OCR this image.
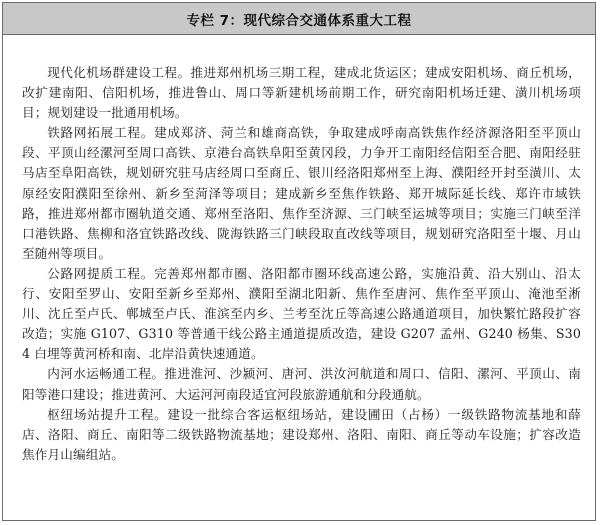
专栏 7：现代综合交通体系重大工程

现代化机场群建设工程。推进郑州机场三期工程，建成北货运区；建成安阳机场、商丘机场，改扩建南阳、信阳机场，推进鲁山、周口等新建机场前期工作，研究南阳机场迁建、潢川机场项目；规划建设一批通用机场。

铁路网拓展工程。建成郑济、菏兰和雄商高铁，争取建成呼南高铁焦作经济源洛阳至平顶山段、平顶山经漯河至周口高铁、京港台高铁阜阳至黄冈段，力争开工南阳经信阳至合肥、南阳经驻马店至阜阳高铁，规划研究驻马店经周口至商丘、银川经洛阳郑州至上海、濮阳经开封至潢川、太原经安阳濮阳至徐州、新乡至菏泽等项目；建成新乡至焦作铁路、郑开城际延长线、郑许市域铁路，推进郑州都市圈轨道交通、郑州至洛阳、焦作至济源、三门峡至运城等项目；实施三门峡至洋口港铁路、焦柳和洛宜铁路改线、陇海铁路三门峡段取直改线等项目，规划研究洛阳至十堰、月山至随州等项目。

公路网提质工程。完善郑州都市圈、洛阳都市圈环线高速公路，实施沿黄、沿大别山、沿太行、安阳至罗山、安阳至新乡至郑州、濮阳至湖北阳新、焦作至唐河、焦作至平顶山、淹池至淅川、沈丘至卢氏、郸城至卢氏、淮滨至内乡、兰考至沈丘等高速公路通道项目，加快繁忙路段扩容改造；实施 G107、G310 等普通干线公路主通道提质改造，建设 G207 孟州、G240 杨集、S304 白埋等黄河桥和南、北岸沿黄快速通道。

内河水运畅通工程。推进淮河、沙颍河、唐河、洪汝河航道和周口、信阳、漯河、平顶山、南阳等港口建设；推进黄河、大运河河南段适宜河段旅游通航和分段通航。

枢纽场站提升工程。建设一批综合客运枢纽场站，建设圃田（占杨）一级铁路物流基地和薛店、洛阳、商丘、南阳等二级铁路物流基地；建设郑州、洛阳、南阳、商丘等动车设施；扩容改造焦作月山编组站。
